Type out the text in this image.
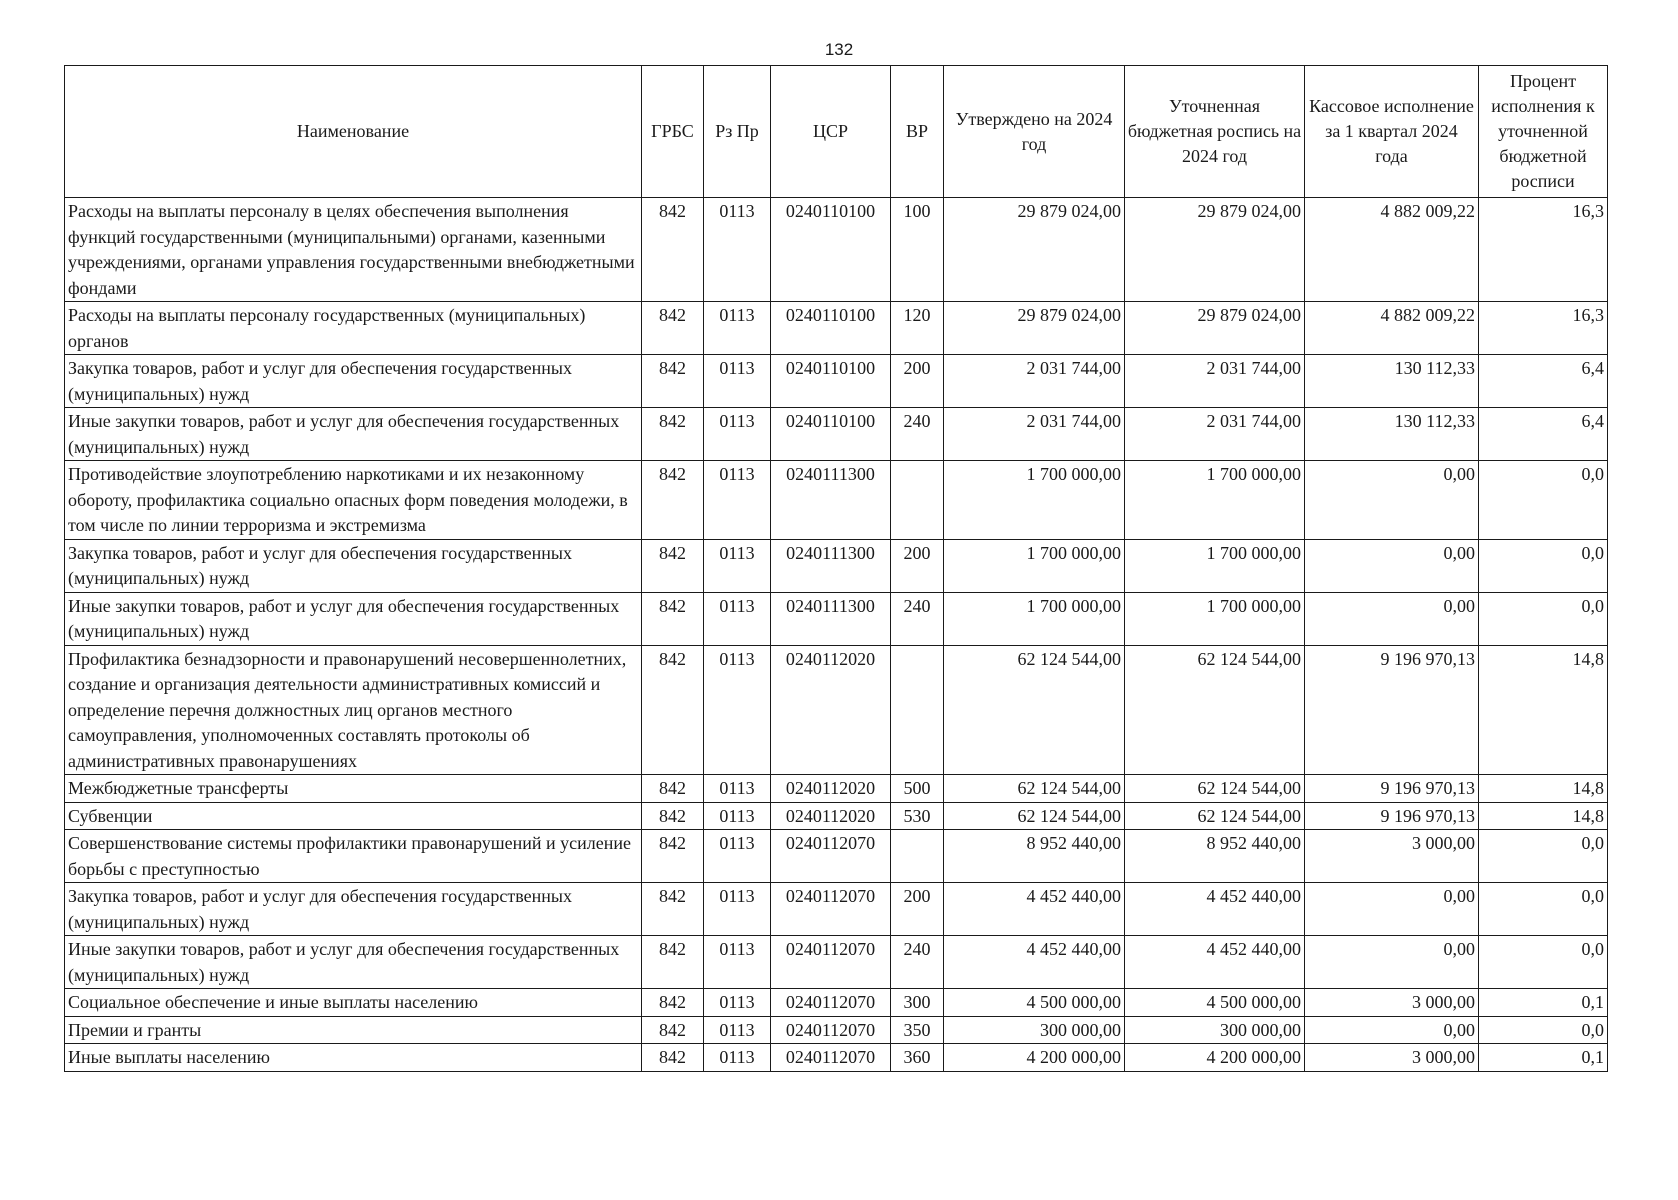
132
Наименование	ГРБС	Рз Пр	ЦСР	ВР	Утверждено на 2024 год	Уточненная бюджетная роспись на 2024 год	Кассовое исполнение за 1 квартал 2024 года	Процент исполнения к уточненной бюджетной росписи
Расходы на выплаты персоналу в целях обеспечения выполнения функций государственными (муниципальными) органами, казенными учреждениями, органами управления государственными внебюджетными фондами	842	0113	0240110100	100	29 879 024,00	29 879 024,00	4 882 009,22	16,3
Расходы на выплаты персоналу государственных (муниципальных) органов	842	0113	0240110100	120	29 879 024,00	29 879 024,00	4 882 009,22	16,3
Закупка товаров, работ и услуг для обеспечения государственных (муниципальных) нужд	842	0113	0240110100	200	2 031 744,00	2 031 744,00	130 112,33	6,4
Иные закупки товаров, работ и услуг для обеспечения государственных (муниципальных) нужд	842	0113	0240110100	240	2 031 744,00	2 031 744,00	130 112,33	6,4
Противодействие злоупотреблению наркотиками и их незаконному обороту, профилактика социально опасных форм поведения молодежи, в том числе по линии терроризма и экстремизма	842	0113	0240111300		1 700 000,00	1 700 000,00	0,00	0,0
Закупка товаров, работ и услуг для обеспечения государственных (муниципальных) нужд	842	0113	0240111300	200	1 700 000,00	1 700 000,00	0,00	0,0
Иные закупки товаров, работ и услуг для обеспечения государственных (муниципальных) нужд	842	0113	0240111300	240	1 700 000,00	1 700 000,00	0,00	0,0
Профилактика безнадзорности и правонарушений несовершеннолетних, создание и организация деятельности административных комиссий и определение перечня должностных лиц органов местного самоуправления, уполномоченных составлять протоколы об административных правонарушениях	842	0113	0240112020		62 124 544,00	62 124 544,00	9 196 970,13	14,8
Межбюджетные трансферты	842	0113	0240112020	500	62 124 544,00	62 124 544,00	9 196 970,13	14,8
Субвенции	842	0113	0240112020	530	62 124 544,00	62 124 544,00	9 196 970,13	14,8
Совершенствование системы профилактики правонарушений и усиление борьбы с преступностью	842	0113	0240112070		8 952 440,00	8 952 440,00	3 000,00	0,0
Закупка товаров, работ и услуг для обеспечения государственных (муниципальных) нужд	842	0113	0240112070	200	4 452 440,00	4 452 440,00	0,00	0,0
Иные закупки товаров, работ и услуг для обеспечения государственных (муниципальных) нужд	842	0113	0240112070	240	4 452 440,00	4 452 440,00	0,00	0,0
Социальное обеспечение и иные выплаты населению	842	0113	0240112070	300	4 500 000,00	4 500 000,00	3 000,00	0,1
Премии и гранты	842	0113	0240112070	350	300 000,00	300 000,00	0,00	0,0
Иные выплаты населению	842	0113	0240112070	360	4 200 000,00	4 200 000,00	3 000,00	0,1
